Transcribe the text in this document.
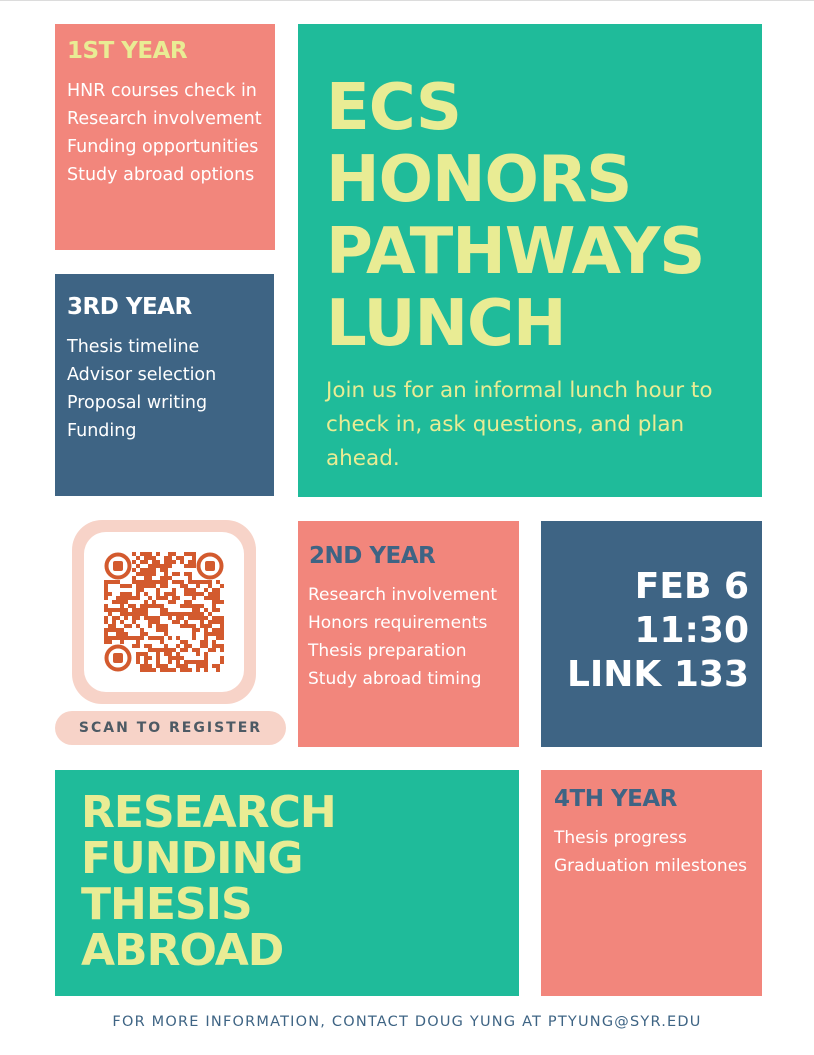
1ST YEAR
HNR courses check in
Research involvement
Funding opportunities
Study abroad options
3RD YEAR
Thesis timeline
Advisor selection
Proposal writing
Funding
ECS
HONORS
PATHWAYS
LUNCH

Join us for an informal lunch hour to check in, ask questions, and plan ahead.

SCAN TO REGISTER
2ND YEAR
Research involvement
Honors requirements
Thesis preparation
Study abroad timing
FEB 6
11:30
LINK 133
RESEARCH
FUNDING
THESIS
ABROAD
4TH YEAR
Thesis progress
Graduation milestones
FOR MORE INFORMATION, CONTACT DOUG YUNG AT PTYUNG@SYR.EDU
